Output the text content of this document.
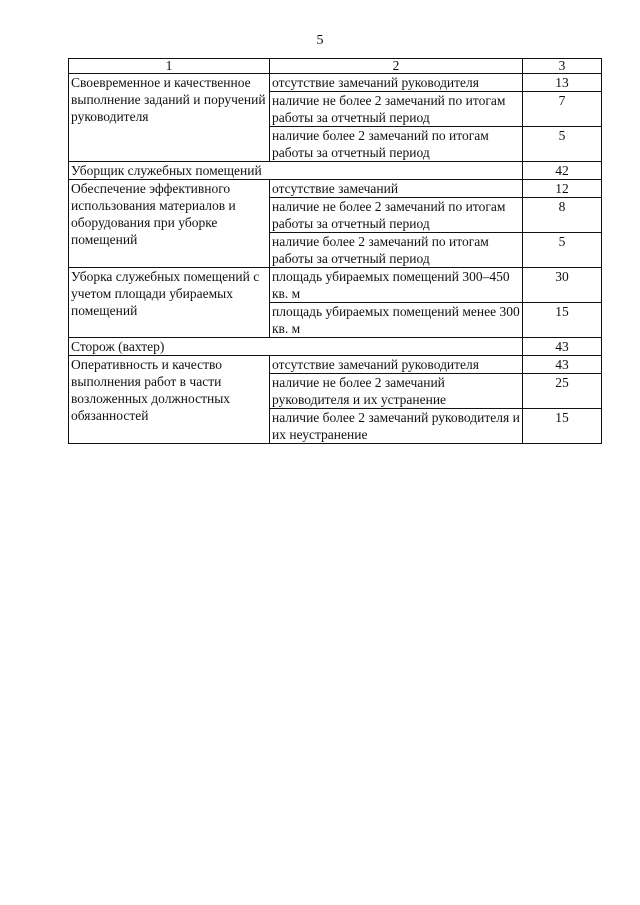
5
1	2	3
Своевременное и качественное выполнение заданий и поручений руководителя	отсутствие замечаний руководителя	13
	наличие не более 2 замечаний по итогам работы за отчетный период	7
	наличие более 2 замечаний по итогам работы за отчетный период	5
Уборщик служебных помещений		42
Обеспечение эффективного использования материалов и оборудования при уборке помещений	отсутствие замечаний	12
	наличие не более 2 замечаний по итогам работы за отчетный период	8
	наличие более 2 замечаний по итогам работы за отчетный период	5
Уборка служебных помещений с учетом площади убираемых помещений	площадь убираемых помещений 300–450 кв. м	30
	площадь убираемых помещений менее 300 кв. м	15
Сторож (вахтер)		43
Оперативность и качество выполнения работ в части возложенных должностных обязанностей	отсутствие замечаний руководителя	43
	наличие не более 2 замечаний руководителя и их устранение	25
	наличие более 2 замечаний руководителя и их неустранение	15
